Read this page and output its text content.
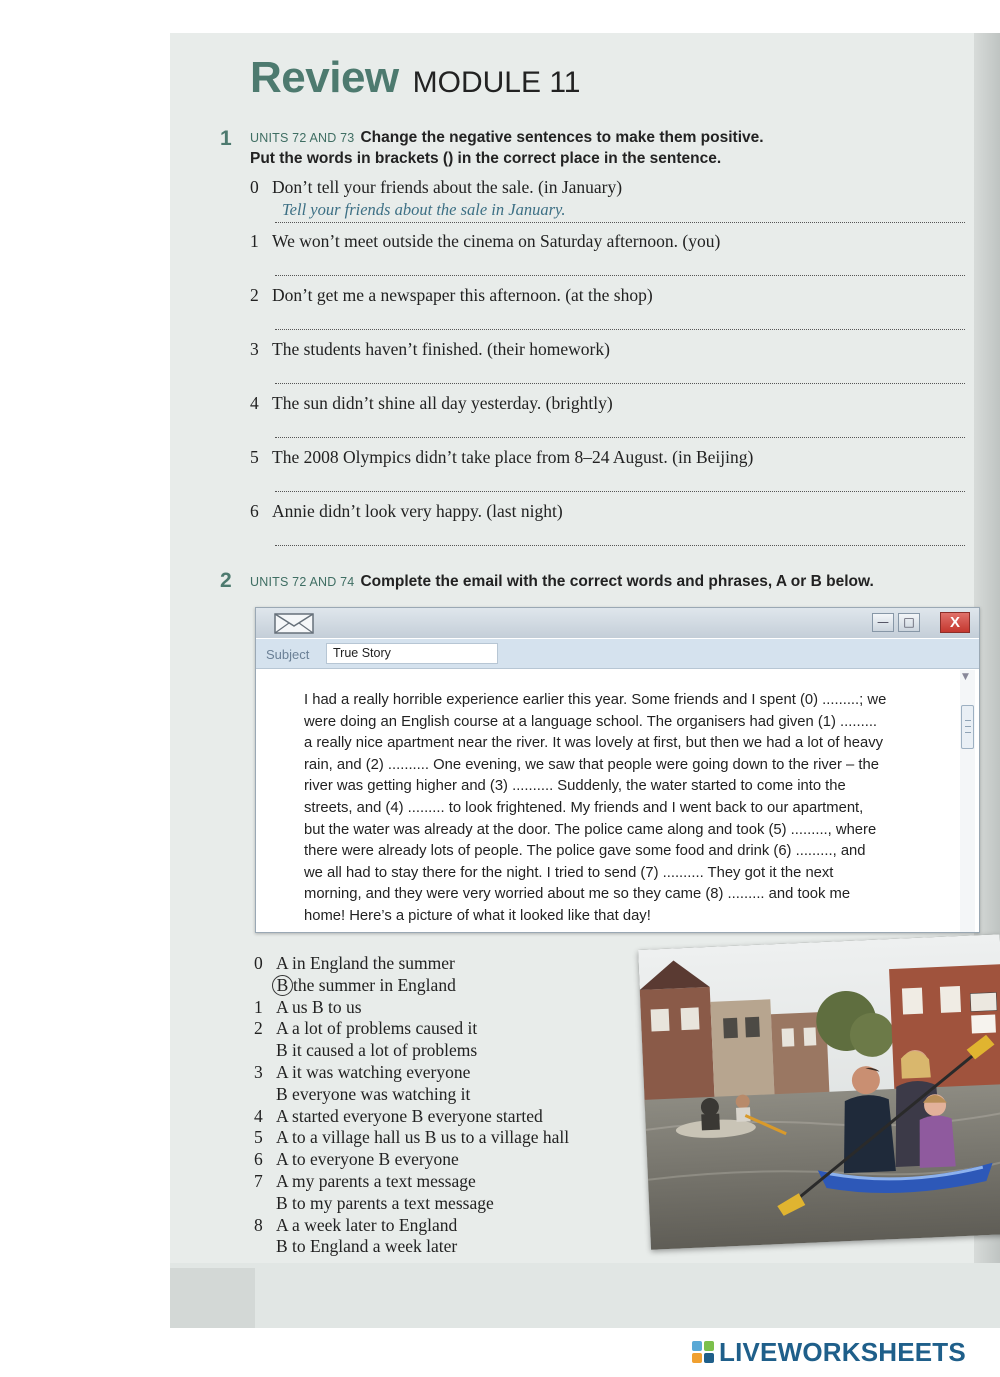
Review MODULE 11
1 UNITS 72 AND 73 Change the negative sentences to make them positive.
Put the words in brackets () in the correct place in the sentence.
0 Don’t tell your friends about the sale. (in January)
Tell your friends about the sale in January.
1 We won’t meet outside the cinema on Saturday afternoon. (you)
2 Don’t get me a newspaper this afternoon. (at the shop)
3 The students haven’t finished. (their homework)
4 The sun didn’t shine all day yesterday. (brightly)
5 The 2008 Olympics didn’t take place from 8–24 August. (in Beijing)
6 Annie didn’t look very happy. (last night)
2 UNITS 72 AND 74 Complete the email with the correct words and phrases, A or B below.
—	□	X
Subject	True Story
I had a really horrible experience earlier this year. Some friends and I spent (0) .........; we
were doing an English course at a language school. The organisers had given (1) .........
a really nice apartment near the river. It was lovely at first, but then we had a lot of heavy
rain, and (2) .......... One evening, we saw that people were going down to the river – the
river was getting higher and (3) .......... Suddenly, the water started to come into the
streets, and (4) ......... to look frightened. My friends and I went back to our apartment,
but the water was already at the door. The police came along and took (5) ........., where
there were already lots of people. The police gave some food and drink (6) ........., and
we all had to stay there for the night. I tried to send (7) .......... They got it the next
morning, and they were very worried about me so they came (8) ......... and took me
home! Here’s a picture of what it looked like that day!
▼
0 A in England the summer
B the summer in England
1 A us B to us
2 A a lot of problems caused it
B it caused a lot of problems
3 A it was watching everyone
B everyone was watching it
4 A started everyone B everyone started
5 A to a village hall us B us to a village hall
6 A to everyone B everyone
7 A my parents a text message
B to my parents a text message
8 A a week later to England
B to England a week later
LIVEWORKSHEETS
